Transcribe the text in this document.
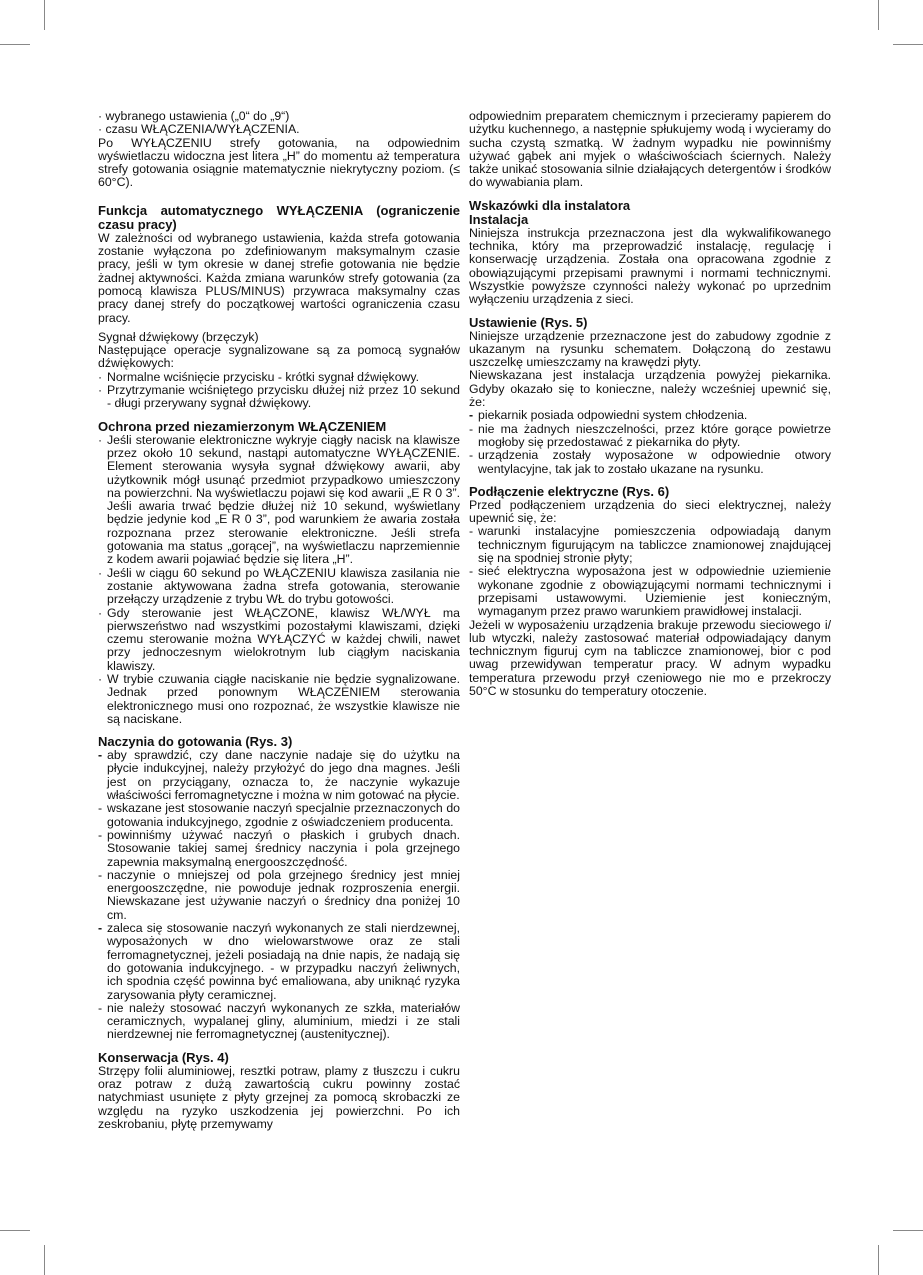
· wybranego ustawienia („0“ do „9“)

· czasu WŁĄCZENIA/WYŁĄCZENIA.

Po WYŁĄCZENIU strefy gotowania, na odpowiednim wyświetlaczu widoczna jest litera „H” do momentu aż temperatura strefy gotowania osiągnie matematycznie niekrytyczny poziom. (≤ 60°C).

Funkcja automatycznego WYŁĄCZENIA (ograniczenie czasu pracy)

W zależności od wybranego ustawienia, każda strefa gotowania zostanie wyłączona po zdefiniowanym maksymalnym czasie pracy, jeśli w tym okresie w danej strefie gotowania nie będzie żadnej aktywności. Każda zmiana warunków strefy gotowania (za pomocą klawisza PLUS/MINUS) przywraca maksymalny czas pracy danej strefy do początkowej wartości ograniczenia czasu pracy.

Sygnał dźwiękowy (brzęczyk)

Następujące operacje sygnalizowane są za pomocą sygnałów dźwiękowych:

· Normalne wciśnięcie przycisku - krótki sygnał dźwiękowy.
· Przytrzymanie wciśniętego przycisku dłużej niż przez 10 sekund - długi przerywany sygnał dźwiękowy.

Ochrona przed niezamierzonym WŁĄCZENIEM

· Jeśli sterowanie elektroniczne wykryje ciągły nacisk na klawisze przez około 10 sekund, nastąpi automatyczne WYŁĄCZENIE. Element sterowania wysyła sygnał dźwiękowy awarii, aby użytkownik mógł usunąć przedmiot przypadkowo umieszczony na powierzchni. Na wyświetlaczu pojawi się kod awarii „E R 0 3”. Jeśli awaria trwać będzie dłużej niż 10 sekund, wyświetlany będzie jedynie kod „E R 0 3”, pod warunkiem że awaria została rozpoznana przez sterowanie elektroniczne. Jeśli strefa gotowania ma status „gorącej”, na wyświetlaczu naprzemiennie z kodem awarii pojawiać będzie się litera „H”.
· Jeśli w ciągu 60 sekund po WŁĄCZENIU klawisza zasilania nie zostanie aktywowana żadna strefa gotowania, sterowanie przełączy urządzenie z trybu WŁ do trybu gotowości.
· Gdy sterowanie jest WŁĄCZONE, klawisz WŁ/WYŁ ma pierwszeństwo nad wszystkimi pozostałymi klawiszami, dzięki czemu sterowanie można WYŁĄCZYĆ w każdej chwili, nawet przy jednoczesnym wielokrotnym lub ciągłym naciskania klawiszy.
· W trybie czuwania ciągłe naciskanie nie będzie sygnalizowane. Jednak przed ponownym WŁĄCZENIEM sterowania elektronicznego musi ono rozpoznać, że wszystkie klawisze nie są naciskane.

Naczynia do gotowania (Rys. 3)

- aby sprawdzić, czy dane naczynie nadaje się do użytku na płycie indukcyjnej, należy przyłożyć do jego dna magnes. Jeśli jest on przyciągany, oznacza to, że naczynie wykazuje właściwości ferromagnetyczne i można w nim gotować na płycie.
- wskazane jest stosowanie naczyń specjalnie przeznaczonych do gotowania indukcyjnego, zgodnie z oświadczeniem producenta.
- powinniśmy używać naczyń o płaskich i grubych dnach. Stosowanie takiej samej średnicy naczynia i pola grzejnego zapewnia maksymalną energooszczędność.
- naczynie o mniejszej od pola grzejnego średnicy jest mniej energooszczędne, nie powoduje jednak rozproszenia energii. Niewskazane jest używanie naczyń o średnicy dna poniżej 10 cm.
- zaleca się stosowanie naczyń wykonanych ze stali nierdzewnej, wyposażonych w dno wielowarstwowe oraz ze stali ferromagnetycznej, jeżeli posiadają na dnie napis, że nadają się do gotowania indukcyjnego. - w przypadku naczyń żeliwnych, ich spodnia część powinna być emaliowana, aby uniknąć ryzyka zarysowania płyty ceramicznej.
- nie należy stosować naczyń wykonanych ze szkła, materiałów ceramicznych, wypalanej gliny, aluminium, miedzi i ze stali nierdzewnej nie ferromagnetycznej (austenitycznej).

Konserwacja (Rys. 4)

Strzępy folii aluminiowej, resztki potraw, plamy z tłuszczu i cukru oraz potraw z dużą zawartością cukru powinny zostać natychmiast usunięte z płyty grzejnej za pomocą skrobaczki ze względu na ryzyko uszkodzenia jej powierzchni. Po ich zeskrobaniu, płytę przemywamy

odpowiednim preparatem chemicznym i przecieramy papierem do użytku kuchennego, a następnie spłukujemy wodą i wycieramy do sucha czystą szmatką. W żadnym wypadku nie powinniśmy używać gąbek ani myjek o właściwościach ściernych. Należy także unikać stosowania silnie działających detergentów i środków do wywabiania plam.

Wskazówki dla instalatora

Instalacja

Niniejsza instrukcja przeznaczona jest dla wykwalifikowanego technika, który ma przeprowadzić instalację, regulację i konserwację urządzenia. Została ona opracowana zgodnie z obowiązującymi przepisami prawnymi i normami technicznymi. Wszystkie powyższe czynności należy wykonać po uprzednim wyłączeniu urządzenia z sieci.

Ustawienie (Rys. 5)

Niniejsze urządzenie przeznaczone jest do zabudowy zgodnie z ukazanym na rysunku schematem. Dołączoną do zestawu uszczelkę umieszczamy na krawędzi płyty.

Niewskazana jest instalacja urządzenia powyżej piekarnika. Gdyby okazało się to konieczne, należy wcześniej upewnić się, że:

- piekarnik posiada odpowiedni system chłodzenia.
- nie ma żadnych nieszczelności, przez które gorące powietrze mogłoby się przedostawać z piekarnika do płyty.
- urządzenia zostały wyposażone w odpowiednie otwory wentylacyjne, tak jak to zostało ukazane na rysunku.

Podłączenie elektryczne (Rys. 6)

Przed podłączeniem urządzenia do sieci elektrycznej, należy upewnić się, że:

- warunki instalacyjne pomieszczenia odpowiadają danym technicznym figurującym na tabliczce znamionowej znajdującej się na spodniej stronie płyty;
- sieć elektryczna wyposażona jest w odpowiednie uziemienie wykonane zgodnie z obowiązującymi normami technicznymi i przepisami ustawowymi. Uziemienie jest konieczným, wymaganym przez prawo warunkiem prawidłowej instalacji.

Jeżeli w wyposażeniu urządzenia brakuje przewodu sieciowego i/ lub wtyczki, należy zastosować materiał odpowiadający danym technicznym figuruj cym na tabliczce znamionowej, bior c pod uwag przewidywan temperatur pracy. W adnym wypadku temperatura przewodu przył czeniowego nie mo e przekroczy 50°C w stosunku do temperatury otoczenie.
